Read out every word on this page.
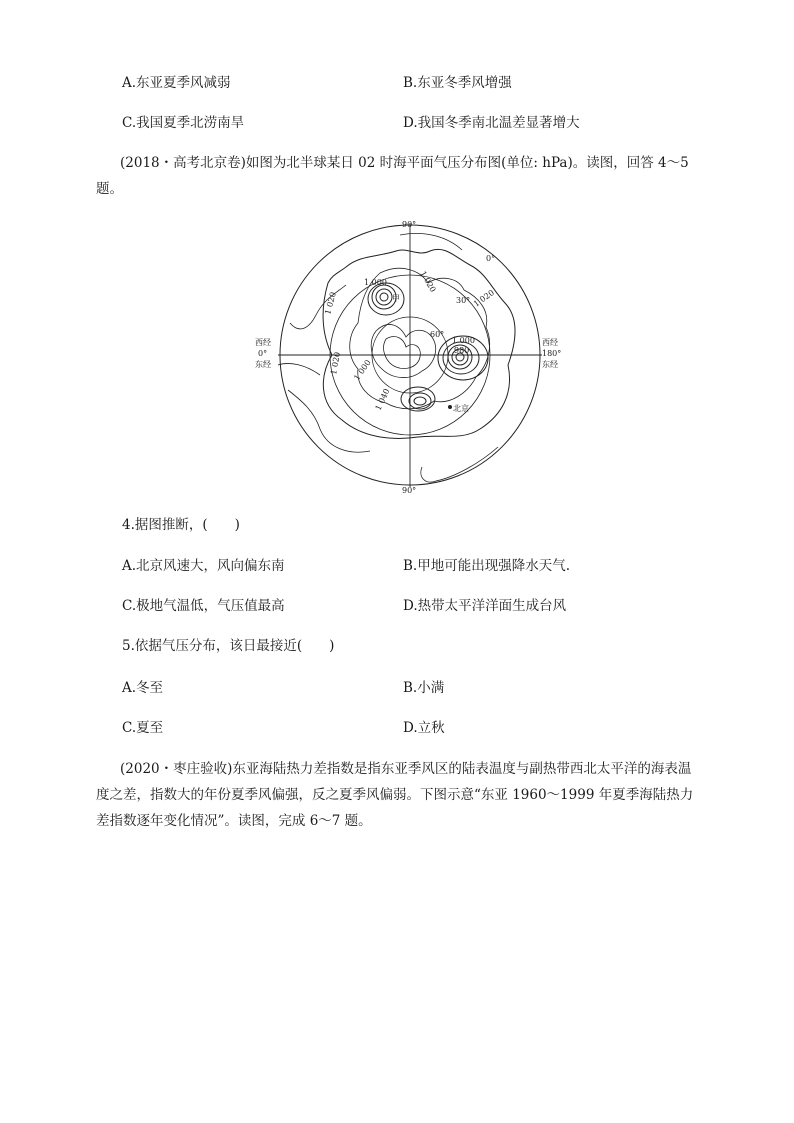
A.东亚夏季风减弱	B.东亚冬季风增强
C.我国夏季北涝南旱	D.我国冬季南北温差显著增大
(2018・高考北京卷)如图为北半球某日 02 时海平面气压分布图(单位: hPa)。读图，回答 4～5 题。
90°
90°
0°
西经
0°
东经
西经
180°
东经
30°
60°
1 020
1 020	1 020
1 000
1 000
980
1 020 1 000
1 040	北京
甲
4.据图推断，(　　)
A.北京风速大，风向偏东南	B.甲地可能出现强降水天气.
C.极地气温低，气压值最高	D.热带太平洋洋面生成台风
5.依据气压分布，该日最接近(　　)
A.冬至	B.小满
C.夏至	D.立秋
(2020・枣庄验收)东亚海陆热力差指数是指东亚季风区的陆表温度与副热带西北太平洋的海表温度之差，指数大的年份夏季风偏强，反之夏季风偏弱。下图示意“东亚 1960～1999 年夏季海陆热力差指数逐年变化情况”。读图，完成 6～7 题。
